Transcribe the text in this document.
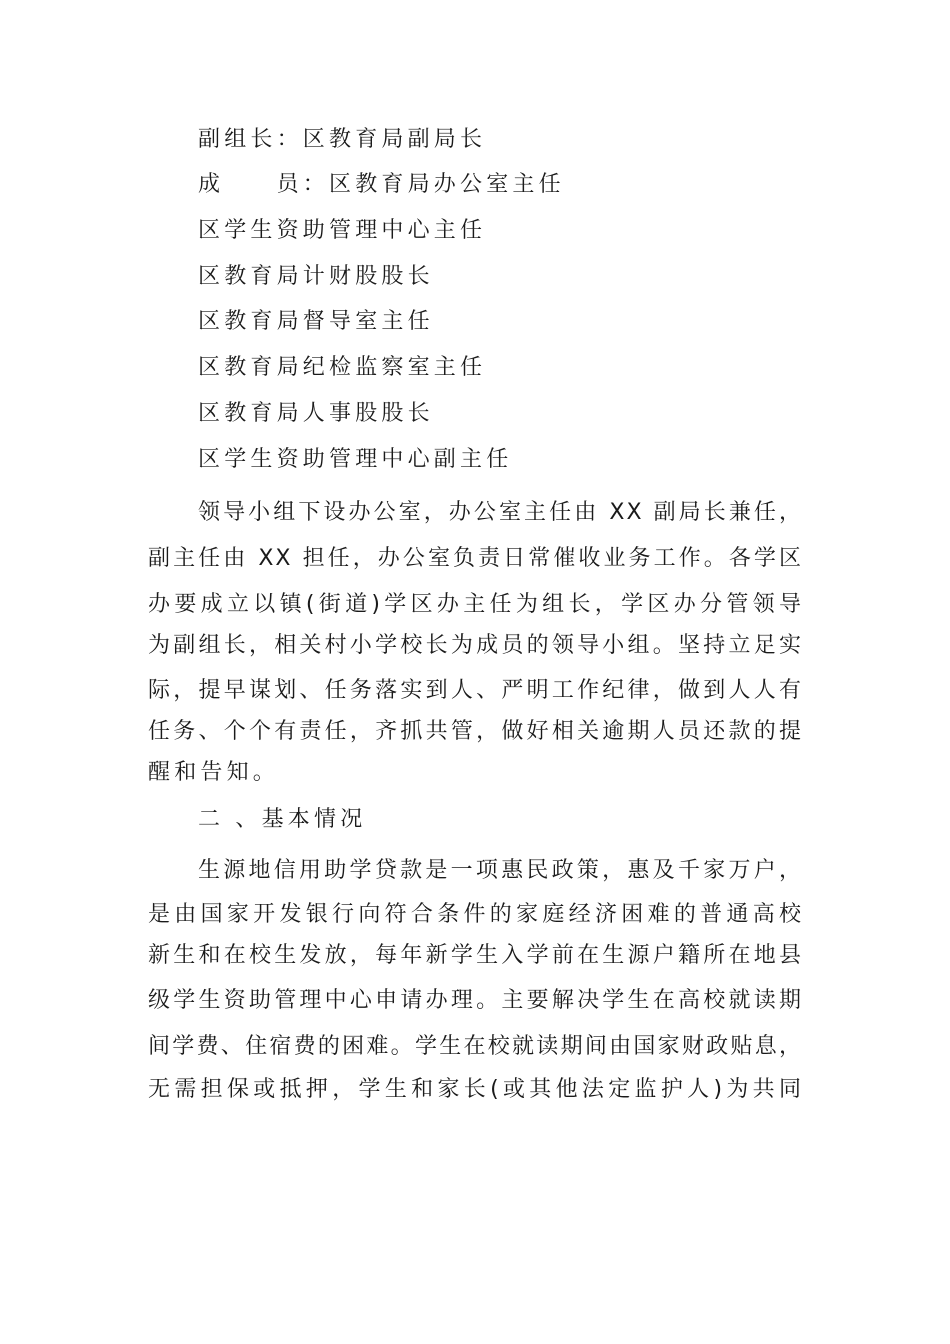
副组长：区教育局副局长
成　　员：区教育局办公室主任
区学生资助管理中心主任
区教育局计财股股长
区教育局督导室主任
区教育局纪检监察室主任
区教育局人事股股长
区学生资助管理中心副主任
领导小组下设办公室，办公室主任由 XX 副局长兼任，
副主任由 XX 担任，办公室负责日常催收业务工作。各学区
办要成立以镇(街道)学区办主任为组长，学区办分管领导
为副组长，相关村小学校长为成员的领导小组。坚持立足实
际，提早谋划、任务落实到人、严明工作纪律，做到人人有
任务、个个有责任，齐抓共管，做好相关逾期人员还款的提
醒和告知。
二 、基本情况
生源地信用助学贷款是一项惠民政策，惠及千家万户，
是由国家开发银行向符合条件的家庭经济困难的普通高校
新生和在校生发放，每年新学生入学前在生源户籍所在地县
级学生资助管理中心申请办理。主要解决学生在高校就读期
间学费、住宿费的困难。学生在校就读期间由国家财政贴息，
无需担保或抵押，学生和家长(或其他法定监护人)为共同
